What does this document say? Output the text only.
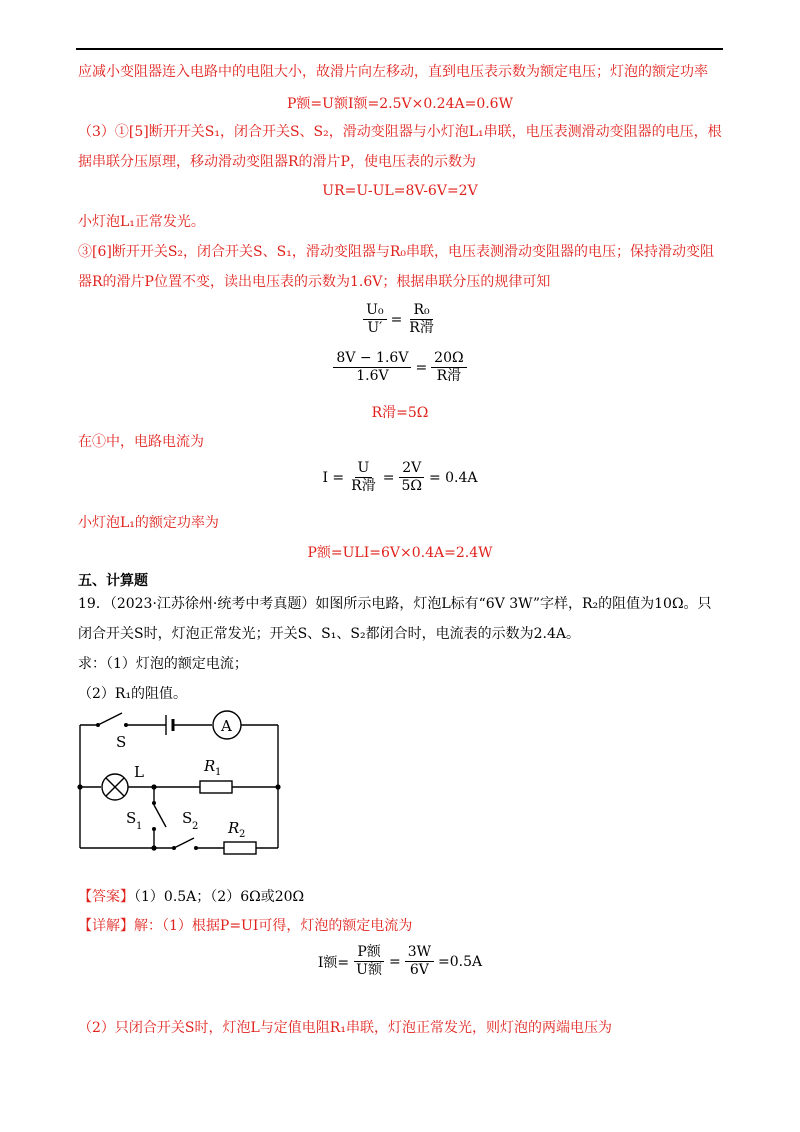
应减小变阻器连入电路中的电阻大小，故滑片向左移动，直到电压表示数为额定电压；灯泡的额定功率
P额=U额I额=2.5V×0.24A=0.6W
（3）①[5]断开开关S₁，闭合开关S、S₂，滑动变阻器与小灯泡L₁串联，电压表测滑动变阻器的电压，根
据串联分压原理，移动滑动变阻器R的滑片P，使电压表的示数为
UR=U-UL=8V-6V=2V
小灯泡L₁正常发光。
③[6]断开开关S₂，闭合开关S、S₁，滑动变阻器与R₀串联，电压表测滑动变阻器的电压；保持滑动变阻
器R的滑片P位置不变，读出电压表的示数为1.6V；根据串联分压的规律可知
$\frac{\text{U₀}}{U'} = \frac{\text{R₀}}{\text{R滑}}$
$\frac{8V - 1.6V}{1.6V} = \frac{20\Omega}{\text{R滑}}$
R滑=5Ω
在①中，电路电流为
$I = \frac{U}{\text{R滑}} = \frac{2V}{5\Omega} = 0.4A$
小灯泡L₁的额定功率为
P额=ULI=6V×0.4A=2.4W
五、计算题
19．（2023·江苏徐州·统考中考真题）如图所示电路，灯泡L标有“6V 3W”字样，R₂的阻值为10Ω。只
闭合开关S时，灯泡正常发光；开关S、S₁、S₂都闭合时，电流表的示数为2.4A。
求：（1）灯泡的额定电流；
（2）R₁的阻值。
S
A
L	R 1
S 1	S 2 R 2
【答案】（1）0.5A；（2）6Ω或20Ω
【详解】解：（1）根据P=UI可得，灯泡的额定电流为
I额= $\frac{\text{P额}}{\text{U额}} = \frac{3W}{6V} =0.5A$
（2）只闭合开关S时，灯泡L与定值电阻R₁串联，灯泡正常发光，则灯泡的两端电压为
